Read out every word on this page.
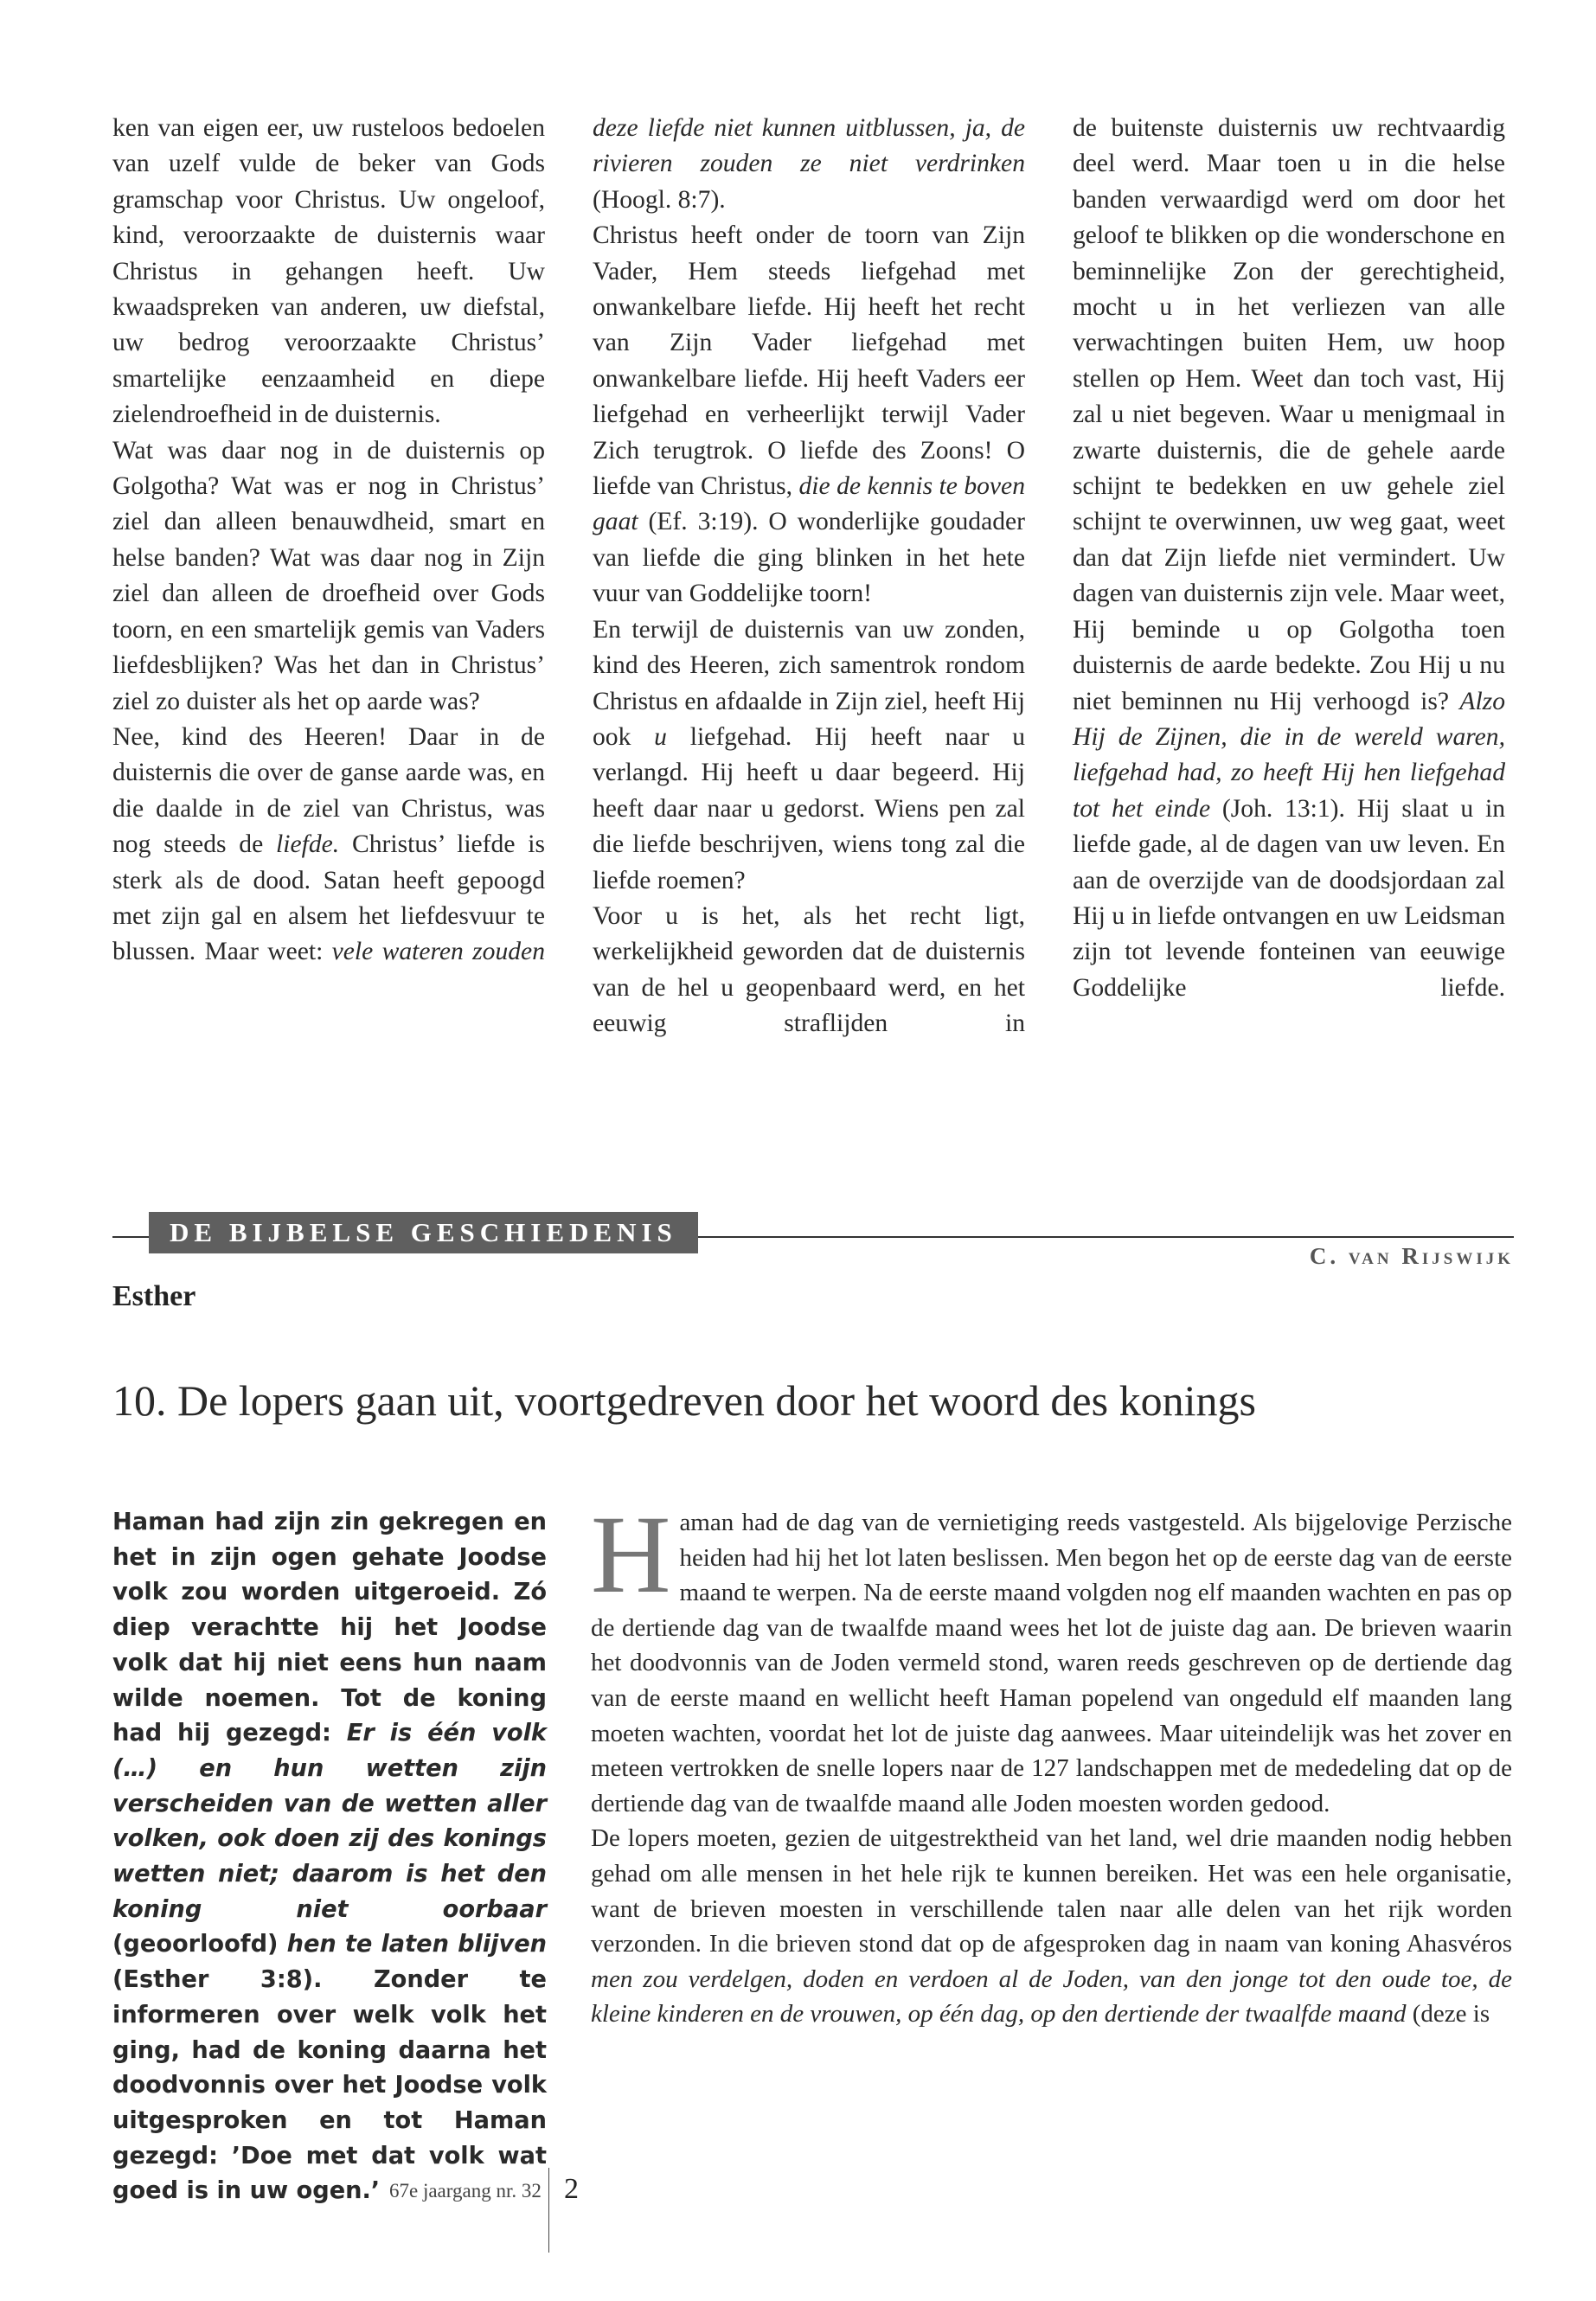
ken van eigen eer, uw rusteloos bedoelen van uzelf vulde de beker van Gods gramschap voor Christus. Uw ongeloof, kind, veroorzaakte de duisternis waar Christus in gehangen heeft. Uw kwaadspreken van anderen, uw diefstal, uw bedrog veroorzaakte Christus’ smartelijke eenzaamheid en diepe zielendroefheid in de duisternis.

Wat was daar nog in de duisternis op Golgotha? Wat was er nog in Christus’ ziel dan alleen benauwdheid, smart en helse banden? Wat was daar nog in Zijn ziel dan alleen de droefheid over Gods toorn, en een smartelijk gemis van Vaders liefdesblijken? Was het dan in Christus’ ziel zo duister als het op aarde was?

Nee, kind des Heeren! Daar in de duisternis die over de ganse aarde was, en die daalde in de ziel van Christus, was nog steeds de liefde. Christus’ liefde is sterk als de dood. Satan heeft gepoogd met zijn gal en alsem het liefdesvuur te blussen. Maar weet: vele wateren zouden

deze liefde niet kunnen uitblussen, ja, de rivieren zouden ze niet verdrinken (Hoogl. 8:7).

Christus heeft onder de toorn van Zijn Vader, Hem steeds liefgehad met onwankelbare liefde. Hij heeft het recht van Zijn Vader liefgehad met onwankelbare liefde. Hij heeft Vaders eer liefgehad en verheerlijkt terwijl Vader Zich terugtrok. O liefde des Zoons! O liefde van Christus, die de kennis te boven gaat (Ef. 3:19). O wonderlijke goudader van liefde die ging blinken in het hete vuur van Goddelijke toorn!

En terwijl de duisternis van uw zonden, kind des Heeren, zich samentrok rondom Christus en afdaalde in Zijn ziel, heeft Hij ook u liefgehad. Hij heeft naar u verlangd. Hij heeft u daar begeerd. Hij heeft daar naar u gedorst. Wiens pen zal die liefde beschrijven, wiens tong zal die liefde roemen?

Voor u is het, als het recht ligt, werkelijkheid geworden dat de duisternis van de hel u geopenbaard werd, en het eeuwig straflijden in

de buitenste duisternis uw rechtvaardig deel werd. Maar toen u in die helse banden verwaardigd werd om door het geloof te blikken op die wonderschone en beminnelijke Zon der gerechtigheid, mocht u in het verliezen van alle verwachtingen buiten Hem, uw hoop stellen op Hem. Weet dan toch vast, Hij zal u niet begeven. Waar u menigmaal in zwarte duisternis, die de gehele aarde schijnt te bedekken en uw gehele ziel schijnt te overwinnen, uw weg gaat, weet dan dat Zijn liefde niet vermindert. Uw dagen van duisternis zijn vele. Maar weet, Hij beminde u op Golgotha toen duisternis de aarde bedekte. Zou Hij u nu niet beminnen nu Hij verhoogd is? Alzo Hij de Zijnen, die in de wereld waren, liefgehad had, zo heeft Hij hen liefgehad tot het einde (Joh. 13:1). Hij slaat u in liefde gade, al de dagen van uw leven. En aan de overzijde van de doodsjordaan zal Hij u in liefde ontvangen en uw Leidsman zijn tot levende fonteinen van eeuwige Goddelijke liefde.

DE BIJBELSE GESCHIEDENIS
C. van Rijswijk
Esther
10. De lopers gaan uit, voortgedreven door het woord des konings
Haman had zijn zin gekregen en het in zijn ogen gehate Joodse volk zou worden uitgeroeid. Zó diep verachtte hij het Joodse volk dat hij niet eens hun naam wilde noemen. Tot de koning had hij gezegd: Er is één volk (…) en hun wetten zijn verscheiden van de wetten aller volken, ook doen zij des konings wetten niet; daarom is het den koning niet oorbaar (geoorloofd) hen te laten blijven (Esther 3:8). Zonder te informeren over welk volk het ging, had de koning daarna het doodvonnis over het Joodse volk uitgesproken en tot Haman gezegd: ’Doe met dat volk wat goed is in uw ogen.’

Haman had de dag van de vernietiging reeds vastgesteld. Als bijgelovige Perzische heiden had hij het lot laten beslissen. Men begon het op de eerste dag van de eerste maand te werpen. Na de eerste maand volgden nog elf maanden wachten en pas op de dertiende dag van de twaalfde maand wees het lot de juiste dag aan. De brieven waarin het doodvonnis van de Joden vermeld stond, waren reeds geschreven op de dertiende dag van de eerste maand en wellicht heeft Haman popelend van ongeduld elf maanden lang moeten wachten, voordat het lot de juiste dag aanwees. Maar uiteindelijk was het zover en meteen vertrokken de snelle lopers naar de 127 landschappen met de mededeling dat op de dertiende dag van de twaalfde maand alle Joden moesten worden gedood.

De lopers moeten, gezien de uitgestrektheid van het land, wel drie maanden nodig hebben gehad om alle mensen in het hele rijk te kunnen bereiken. Het was een hele organisatie, want de brieven moesten in verschillende talen naar alle delen van het rijk worden verzonden. In die brieven stond dat op de afgesproken dag in naam van koning Ahasvéros men zou verdelgen, doden en verdoen al de Joden, van den jonge tot den oude toe, de kleine kinderen en de vrouwen, op één dag, op den dertiende der twaalfde maand (deze is

67e jaargang nr. 32 2
